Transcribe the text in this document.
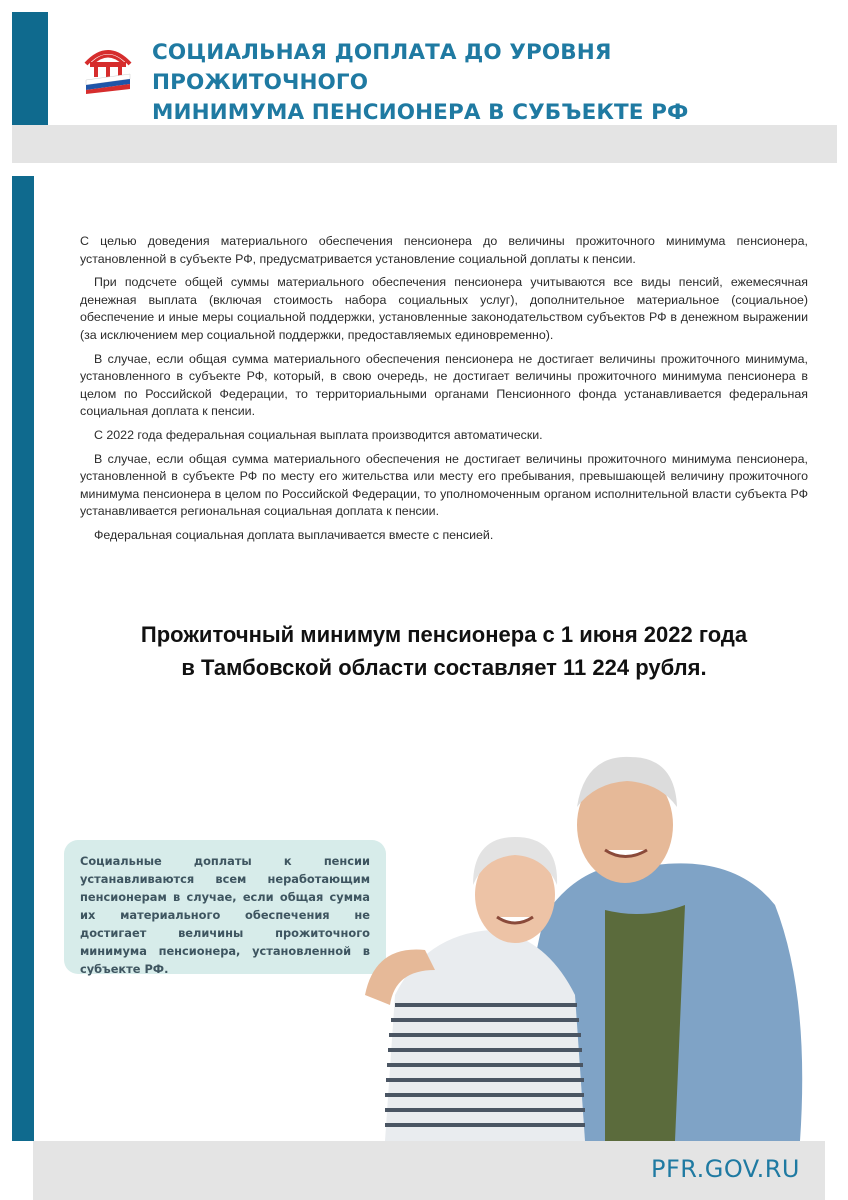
СОЦИАЛЬНАЯ ДОПЛАТА ДО УРОВНЯ ПРОЖИТОЧНОГО
МИНИМУМА ПЕНСИОНЕРА В СУБЪЕКТЕ РФ

С целью доведения материального обеспечения пенсионера до величины прожиточного минимума пенсионера, установленной в субъекте РФ, предусматривается установление социальной доплаты к пенсии.

При подсчете общей суммы материального обеспечения пенсионера учитываются все виды пенсий, ежемесячная денежная выплата (включая стоимость набора социальных услуг), дополнительное материальное (социальное) обеспечение и иные меры социальной поддержки, установленные законодательством субъектов РФ в денежном выражении (за исключением мер социальной поддержки, предоставляемых единовременно).

В случае, если общая сумма материального обеспечения пенсионера не достигает величины прожиточного минимума, установленного в субъекте РФ, который, в свою очередь, не достигает величины прожиточного минимума пенсионера в целом по Российской Федерации, то территориальными органами Пенсионного фонда устанавливается федеральная социальная доплата к пенсии.

С 2022 года федеральная социальная выплата производится автоматически.

В случае, если общая сумма материального обеспечения не достигает величины прожиточного минимума пенсионера, установленной в субъекте РФ по месту его жительства или месту его пребывания, превышающей величину прожиточного минимума пенсионера в целом по Российской Федерации, то уполномоченным органом исполнительной власти субъекта РФ устанавливается региональная социальная доплата к пенсии.

Федеральная социальная доплата выплачивается вместе с пенсией.

Прожиточный минимум пенсионера с 1 июня 2022 года
в Тамбовской области составляет 11 224 рубля.
Социальные доплаты к пенсии устанавливаются всем неработающим пенсионерам в случае, если общая сумма их материального обеспечения не достигает величины прожиточного минимума пенсионера, установленной в субъекте РФ.
PFR.GOV.RU
